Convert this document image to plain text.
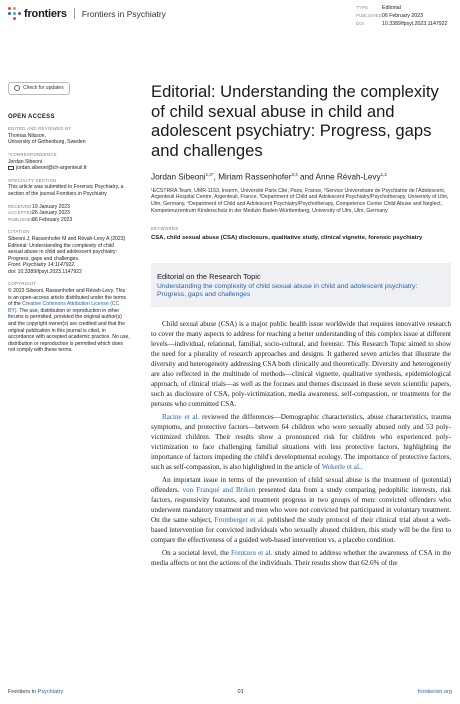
frontiers Frontiers in Psychiatry
TYPE	Editorial
PUBLISHED06 February 2023
DOI	10.3389/fpsyt.2023.1147922
Check for updates
OPEN ACCESS
EDITED AND REVIEWED BY
Thomas Nilsson,
University of Gothenburg, Sweden
*CORRESPONDENCE
Jordan Sibeoni
jordan.sibeoni@ch-argenteuil.fr
SPECIALTY SECTION
This article was submitted to Forensic Psychiatry, a section of the journal Frontiers in Psychiatry
RECEIVED 19 January 2023
ACCEPTED 26 January 2023
PUBLISHED
06 February 2023
CITATION
Sibeoni J, Rassenhofer M and Révah-Levy A (2023) Editorial: Understanding the complexity of child sexual abuse in child and adolescent psychiatry: Progress, gaps and challenges.
Front. Psychiatry 14:1147922.
doi: 10.3389/fpsyt.2023.1147922
COPYRIGHT
© 2023 Sibeoni, Rassenhofer and Révah-Levy. This is an open-access article distributed under the terms of the Creative Commons Attribution License (CC BY). The use, distribution or reproduction in other forums is permitted, provided the original author(s) and the copyright owner(s) are credited and that the original publication in this journal is cited, in accordance with accepted academic practice. No use, distribution or reproduction is permitted which does not comply with these terms.
Editorial: Understanding the complexity of child sexual abuse in child and adolescent psychiatry: Progress, gaps and challenges
Jordan Sibeoni$^{1,2*}$, Miriam Rassenhofer$^{3,4}$ and Anne Révah-Levy$^{1,2}$
¹ECSTRRA Team, UMR-1153, Inserm, Université Paris Cité, Paris, France, ²Service Universitaire de Psychiatrie de l'Adolescent, Argenteuil Hospital Centre, Argenteuil, France, ³Department of Child and Adolescent Psychiatry/Psychotherapy, University of Ulm, Ulm, Germany, ⁴Department of Child and Adolescent Psychiatry/Psychotherapy, Competence Center Child Abuse and Neglect, Kompetenzzentrum Kinderschutz in der Medizin Baden-Württemberg, University of Ulm, Ulm, Germany
KEYWORDS
CSA, child sexual abuse (CSA) disclosure, qualitative study, clinical vignette, forensic psychiatry
Editorial on the Research Topic
Understanding the complexity of child sexual abuse in child and adolescent psychiatry: Progress, gaps and challenges

Child sexual abuse (CSA) is a major public health issue worldwide that requires innovative research to cover the many aspects to address for reaching a better understanding of this complex issue at different levels—individual, relational, familial, socio-cultural, and forensic. This Research Topic aimed to show the need for a plurality of research approaches and designs. It gathered seven articles that illustrate the diversity and heterogeneity addressing CSA both clinically and theoretically. Diversity and heterogeneity are also reflected in the multitude of methods—clinical vignette, qualitative synthesis, epidemiological approach, of clinical trials—as well as the focuses and themes discussed in these seven scientific papers, such as disclosure of CSA, poly-victimization, media awareness, self-compassion, or treatments for the persons who committed CSA.

Racine et al. reviewed the differences—Demographic characteristics, abuse characteristics, trauma symptoms, and protective factors—between 64 children who were sexually abused only and 53 poly-victimized children. Their results show a pronounced risk for children who experienced poly-victimization to face challenging familial situations with less protective factors, highlighting the importance of factors impeding the child's developmental ecology. The importance of protective factors, such as self-compassion, is also highlighted in the article of Wekerle et al..

An important issue in terms of the prevention of child sexual abuse is the treatment of (potential) offenders. von Franqué and Briken presented data from a study comparing pedophilic interests, risk factors, responsivity features, and treatment progress in two groups of men: convicted offenders who underwent mandatory treatment and men who were not convicted but participated in voluntary treatment. On the same subject, Fromberger et al. published the study protocol of their clinical trial about a web-based intervention for convicted individuals who sexually abused children, this study will be the first to compare the effectiveness of a guided web-based intervention vs. a placebo condition.

On a societal level, the Frentzen et al. study aimed to address whether the awareness of CSA in the media affects or not the actions of the individuals. Their results show that 62.6% of the

Frontiers in Psychiatry	01	frontiersin.org
